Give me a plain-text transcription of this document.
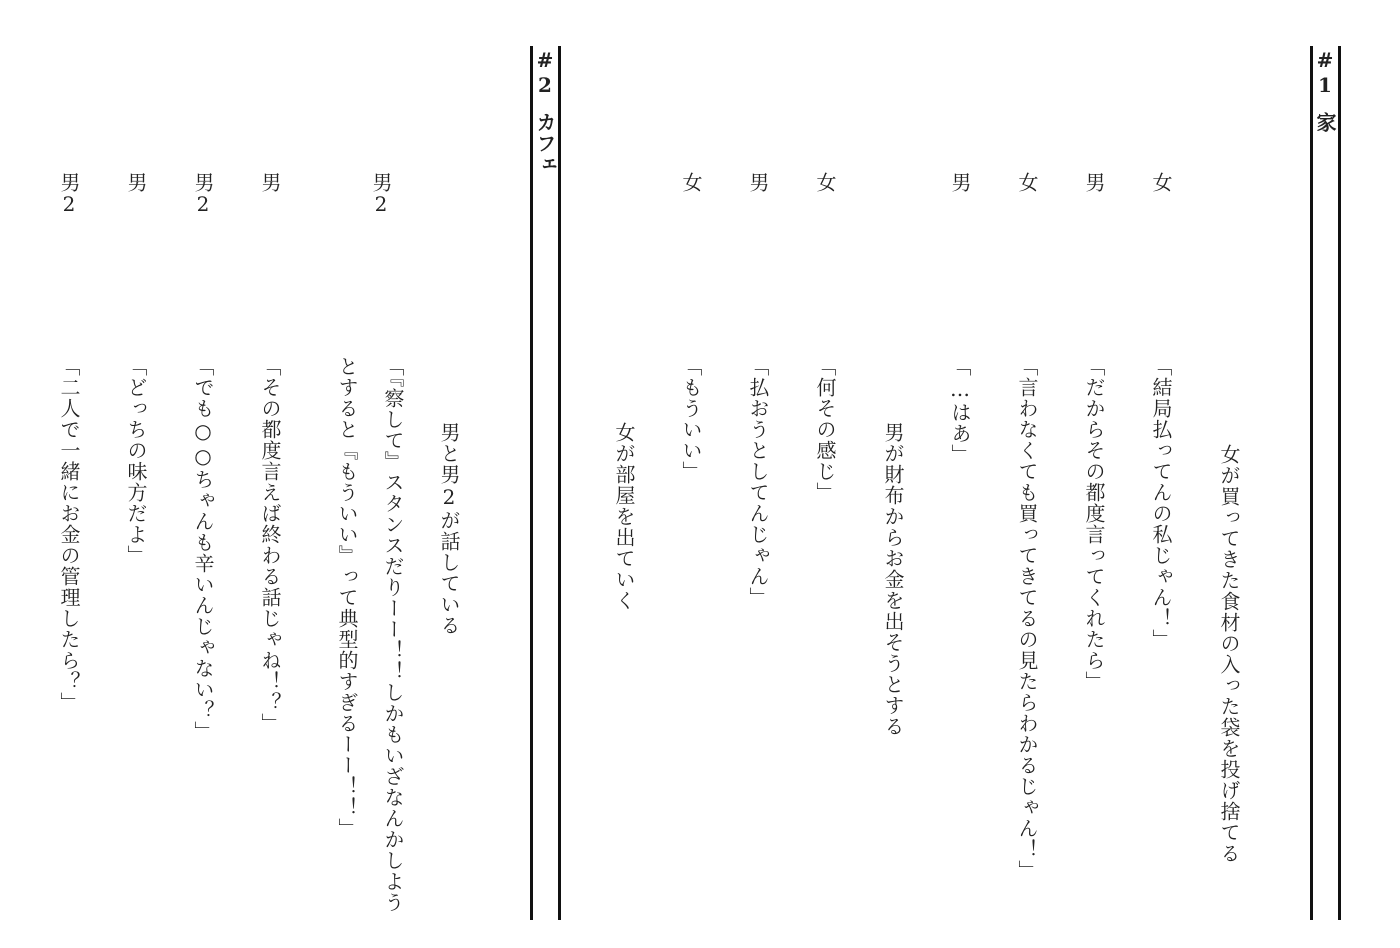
#1
家
女が買ってきた食材の入った袋を投げ捨てる
女
「結局払ってんの私じゃん！」
男
「だからその都度言ってくれたら」
女
「言わなくても買ってきてるの見たらわかるじゃん！」
男
「…はあ」
男が財布からお金を出そうとする
女
「何その感じ」
男
「払おうとしてんじゃん」
女
「もういい」
女が部屋を出ていく
#2
カフェ
男と男2が話している
男2
「『察して』スタンスだりーー！！しかもいざなんかしようとすると『もういい』って典型的すぎるーー！！」
男
「その都度言えば終わる話じゃね！？」
男2
「でも○○ちゃんも辛いんじゃない？」
男
「どっちの味方だよ」
男2
「二人で一緒にお金の管理したら？」
